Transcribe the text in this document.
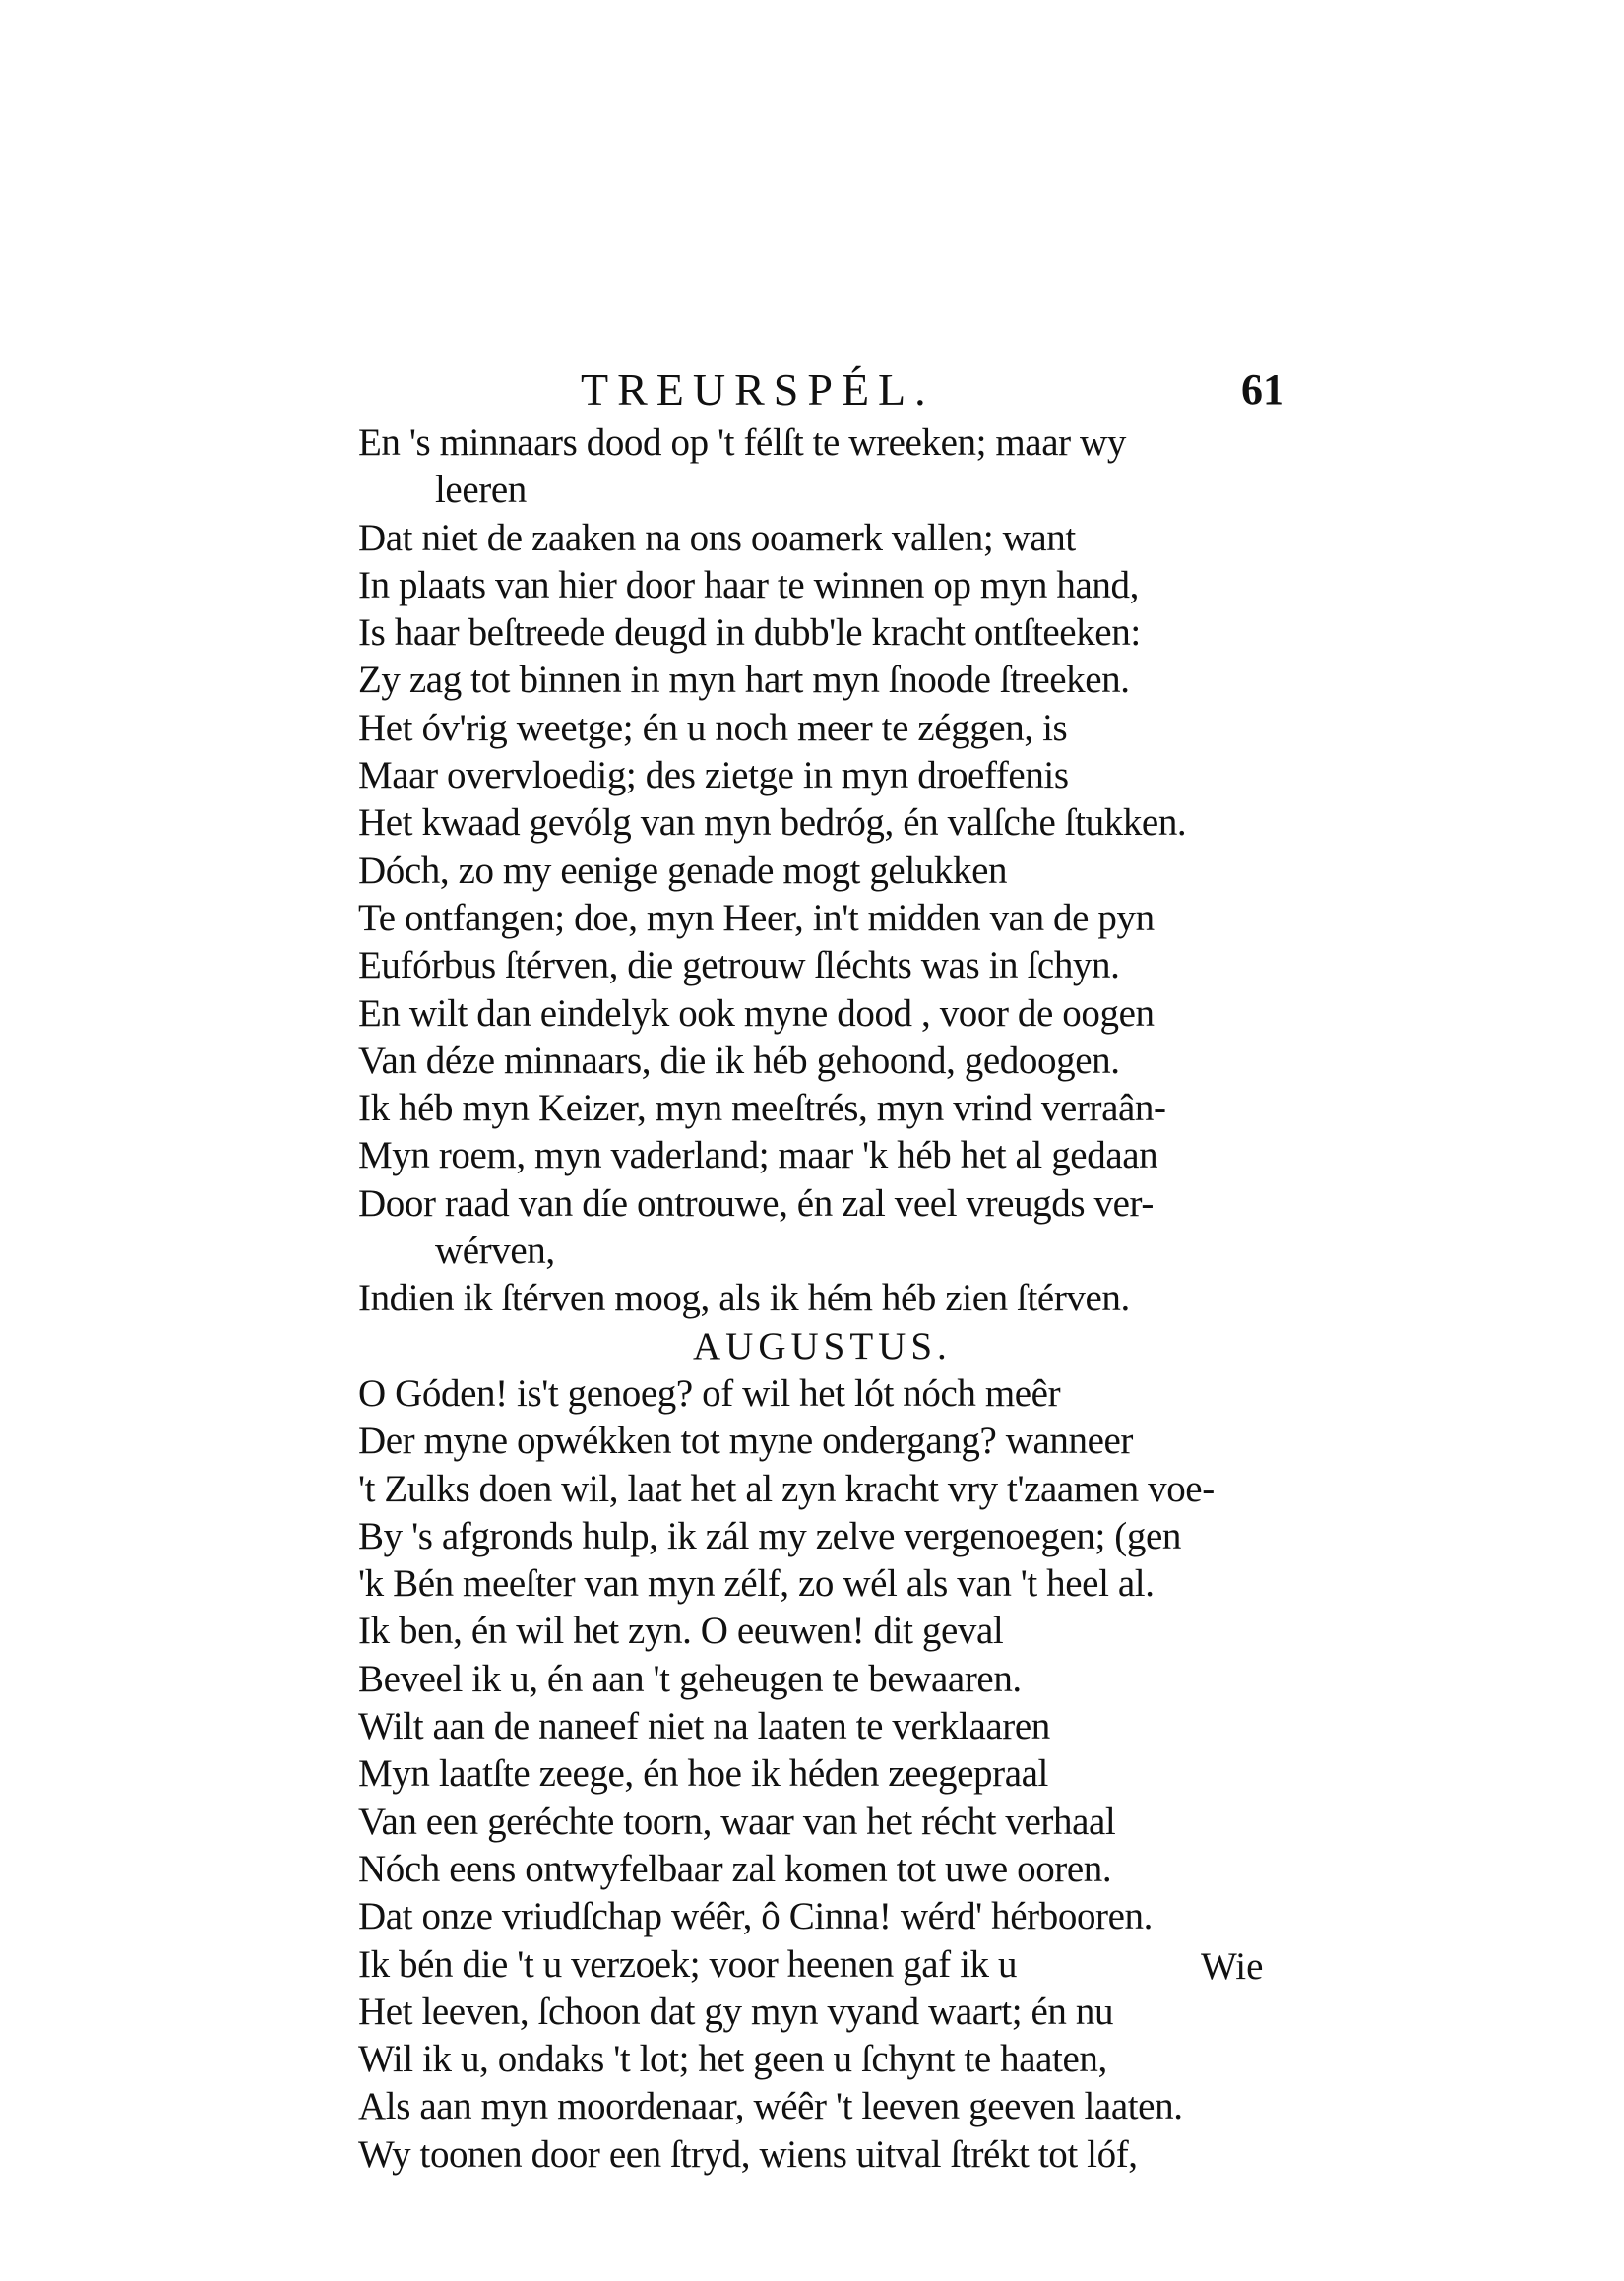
TREURSPÉL.	61
En 's minnaars dood op 't félſt te wreeken; maar wy
leeren
Dat niet de zaaken na ons ooamerk vallen; want
In plaats van hier door haar te winnen op myn hand,
Is haar beſtreede deugd in dubb'le kracht ontſteeken:
Zy zag tot binnen in myn hart myn ſnoode ſtreeken.
Het óv'rig weetge; én u noch meer te zéggen, is
Maar overvloedig; des zietge in myn droeffenis
Het kwaad gevólg van myn bedróg, én valſche ſtukken.
Dóch, zo my eenige genade mogt gelukken
Te ontfangen; doe, myn Heer, in't midden van de pyn
Eufórbus ſtérven, die getrouw ſléchts was in ſchyn.
En wilt dan eindelyk ook myne dood , voor de oogen
Van déze minnaars, die ik héb gehoond, gedoogen.
Ik héb myn Keizer, myn meeſtrés, myn vrind verraân-
Myn roem, myn vaderland; maar 'k héb het al gedaan
Door raad van díe ontrouwe, én zal veel vreugds ver-
wérven,
Indien ik ſtérven moog, als ik hém héb zien ſtérven.
AUGUSTUS.
O Góden! is't genoeg? of wil het lót nóch meêr
Der myne opwékken tot myne ondergang? wanneer
't Zulks doen wil, laat het al zyn kracht vry t'zaamen voe-
By 's afgronds hulp, ik zál my zelve vergenoegen; (gen
'k Bén meeſter van myn zélf, zo wél als van 't heel al.
Ik ben, én wil het zyn. O eeuwen! dit geval
Beveel ik u, én aan 't geheugen te bewaaren.
Wilt aan de naneef niet na laaten te verklaaren
Myn laatſte zeege, én hoe ik héden zeegepraal
Van een geréchte toorn, waar van het récht verhaal
Nóch eens ontwyfelbaar zal komen tot uwe ooren.
Dat onze vriudſchap wéêr, ô Cinna! wérd' hérbooren.
Ik bén die 't u verzoek; voor heenen gaf ik u
Het leeven, ſchoon dat gy myn vyand waart; én nu
Wil ik u, ondaks 't lot; het geen u ſchynt te haaten,
Als aan myn moordenaar, wéêr 't leeven geeven laaten.
Wy toonen door een ſtryd, wiens uitval ſtrékt tot lóf,
Wie
